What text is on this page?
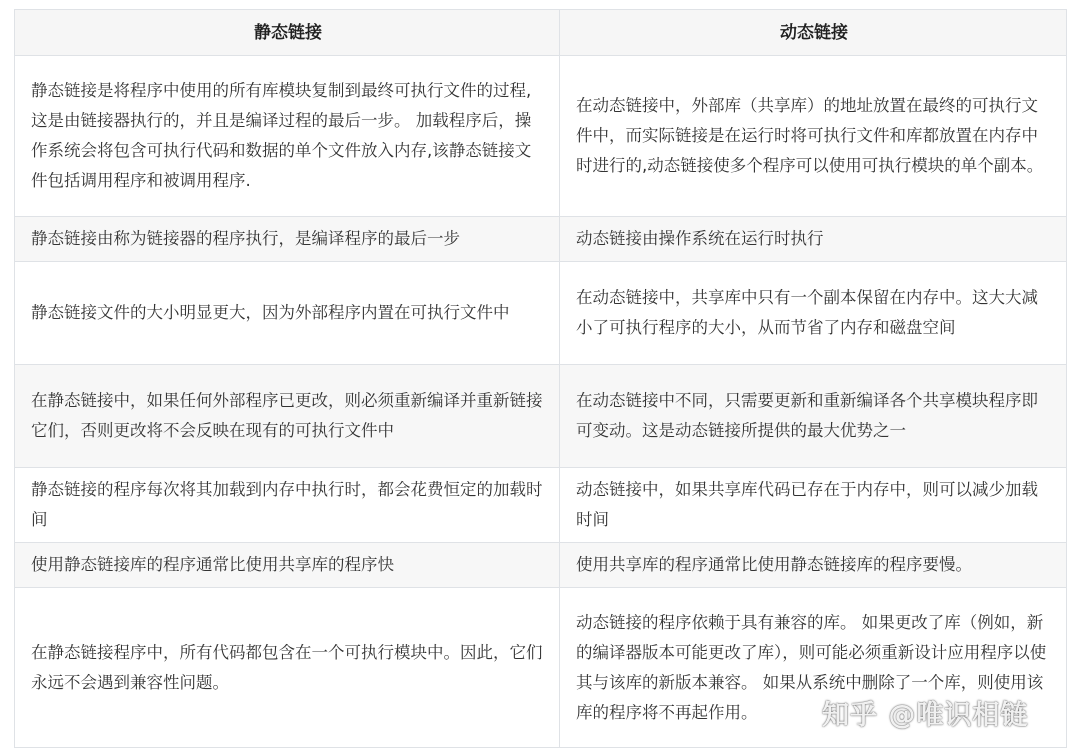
静态链接	动态链接
静态链接是将程序中使用的所有库模块复制到最终可执行文件的过程,这是由链接器执行的，并且是编译过程的最后一步。 加载程序后，操作系统会将包含可执行代码和数据的单个文件放入内存,该静态链接文件包括调用程序和被调用程序.	在动态链接中，外部库（共享库）的地址放置在最终的可执行文件中，而实际链接是在运行时将可执行文件和库都放置在内存中时进行的,动态链接使多个程序可以使用可执行模块的单个副本。
静态链接由称为链接器的程序执行，是编译程序的最后一步	动态链接由操作系统在运行时执行
静态链接文件的大小明显更大，因为外部程序内置在可执行文件中	在动态链接中，共享库中只有一个副本保留在内存中。这大大减小了可执行程序的大小，从而节省了内存和磁盘空间
在静态链接中，如果任何外部程序已更改，则必须重新编译并重新链接它们，否则更改将不会反映在现有的可执行文件中	在动态链接中不同，只需要更新和重新编译各个共享模块程序即可变动。这是动态链接所提供的最大优势之一
静态链接的程序每次将其加载到内存中执行时，都会花费恒定的加载时间	动态链接中，如果共享库代码已存在于内存中，则可以减少加载时间
使用静态链接库的程序通常比使用共享库的程序快	使用共享库的程序通常比使用静态链接库的程序要慢。
在静态链接程序中，所有代码都包含在一个可执行模块中。因此，它们永远不会遇到兼容性问题。	动态链接的程序依赖于具有兼容的库。 如果更改了库（例如，新的编译器版本可能更改了库），则可能必须重新设计应用程序以使其与该库的新版本兼容。 如果从系统中删除了一个库，则使用该库的程序将不再起作用。 知乎 @唯识相链
